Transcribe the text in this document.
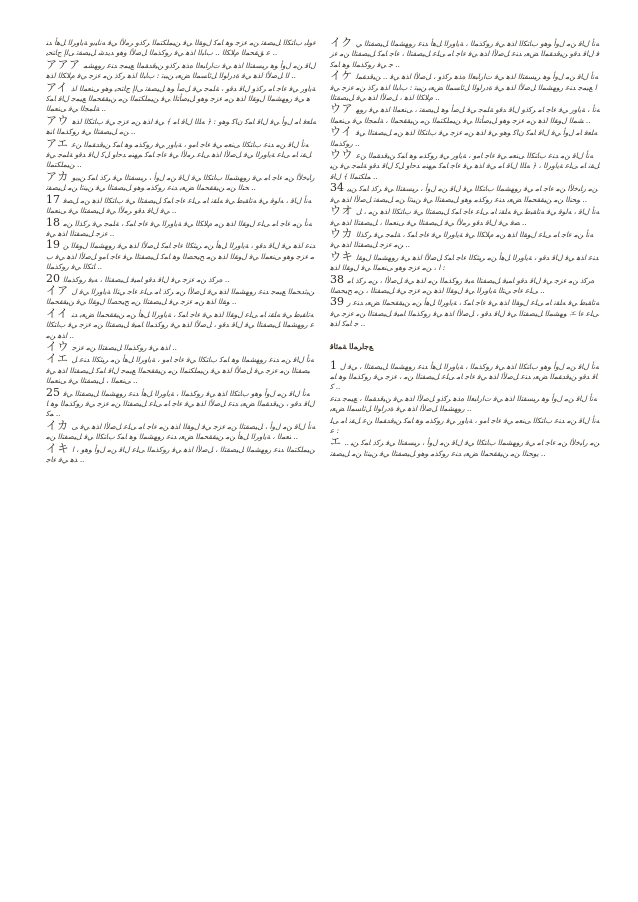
ﺀﻮﻠﺑ ﺏﺎﺘﻜﻟﺍ ﻞﻴﺼﻔﺗ ﻦﻣ ﺀﺰﺟ ﻮﻫ ﺎﻤﻛ ﻝﻮﻘﻟﺍ ﻲﻓ ﻦﻴﻤﻠﻜﺘﻤﻟﺍ ﺮﻛﺫﻭ ﺮﻣﻷﺍ ﻲﻓ ﻪﻧﺎﻴﺑﻭ ﺔﻳﺍﻭﺮﻟﺍ ﻞﻫﺃ ﺪﻨﻋ ﻖﻘﺤﻤﻟﺍ ﻡﻼﻜﻟﺍ .. ﺏﺎﺒﻟﺍ ﺍﺬﻫ ﻲﻓ ﺭﻮﻛﺬﻤﻟﺍ ﻞﺻﻷﺍ ﻭﻫﻭ ﺪﻳﺪﺷ ﻞﻴﺼﻔﺗ ﻰﻟﺇ ﺝﺎﺘﺤﻳ ..
アアア ﻝﺎﻗ ﻦﻣ ﻝﻭﺃ ﻮﻫ ﺮﻴﺴﻔﺘﻟﺍ ﺍﺬﻫ ﻲﻓ ﺕﺍﺭﺎﺒﻌﻟﺍ ﻩﺬﻫ ﺮﻛﺫﻭ ﻦﻴﻗﺪﻘﻤﻟﺍ ﻊﻴﻤﺟ ﺪﻨﻋ ﺭﻮﻬﺸﻤﻟﺍ ﻞﺻﻷﺍ ﺍﺬﻫ ﻲﻓ ﺓﺩﺭﺍﻮﻟﺍ ﻞﺋﺎﺴﻤﻟﺍ ﺾﻌﺑ ﻦﻴﺒﺗ : ﺏﺎﺒﻟﺍ ﺍﺬﻫ ﺮﻛﺫ ﻦﻣ ﺀﺰﺟ ﻲﻓ ﻡﻼﻜﻟﺍ ﺍﺬﻫ ..
アイ ﺔﻳﺍﻭﺭ ﻲﻓ ﺀﺎﺟ ﺎﻣ ﺮﻛﺫﻭ ﻝﺎﻗ ﺪﻗﻭ ، ﺔﻠﻤﺟ ﻲﻓ ﻞﺻﺃ ﻮﻫ ﻞﻴﺼﻔﺗ ﻰﻟﺇ ﺝﺎﺘﺤﻳ ﻮﻫﻭ ﻰﻨﻌﻤﻟﺍ ﺍﺬﻫ ﻲﻓ ﺭﻮﻬﺸﻤﻟﺍ ﻝﻮﻘﻟﺍ ﺍﺬﻫ ﻦﻣ ﺀﺰﺟ ﻮﻫﻭ ﻞﻴﺻﺄﺘﻟﺍ ﻲﻓ ﻦﻴﻤﻠﻜﺘﻤﻟﺍ ﻦﻣ ﻦﻴﻘﻘﺤﻤﻟﺍ ﻊﻴﻤﺟ ﻝﺎﻗ ﺎﻤﻛ ﺔﻠﻤﺠﻟﺍ ﻲﻓ ﻰﻨﻌﻤﻟﺍ ..
アウ ﻪﻠﻌﻓ ﺎﻣ ﻝﻭﺃ ﻲﻓ ﻝﺎﻗ ﺎﻤﻛ ﻥﺎﻛ ﻮﻫﻭ : ﴿ ﻪﻠﻟﺍ ﻝﺎﻗ ﺎﻣ ﴾ ﻲﻓ ﺍﺬﻫ ﻦﻣ ﺀﺰﺟ ﻲﻓ ﺏﺎﺘﻜﻟﺍ ﺍﺬﻫ ﻦﻣ ﻞﻴﺼﻔﺘﻟﺍ ﻲﻓ ﺭﻮﻛﺬﻤﻟﺍ ﺎﻨﻫ ..
アエ ﻪﻧﺃ ﻝﺎﻗ ﻦﻣ ﺪﻨﻋ ﺏﺎﺘﻜﻟﺍ ﻰﻨﻌﻣ ﻲﻓ ﺀﺎﺟ ﺎﻣﻭ ، ﺔﻳﺍﻭﺭ ﻲﻓ ﺭﻮﻛﺬﻣ ﻮﻫ ﺎﻤﻛ ﻦﻴﻗﺪﻘﻤﻟﺍ ﻦﻋ ﻞﻘﻧ ﺎﻣ ﻰﻠﻋ ﺔﻳﺍﻭﺮﻟﺍ ﻲﻓ ﻞﺻﻷﺍ ﺍﺬﻫ ﻰﻠﻋ ﺮﻣﻷﺍ ﻲﻓ ﺀﺎﺟ ﺎﻤﻛ ﻢﻬﻨﻣ ﺪﺣﺍﻭ ﻞﻛ ﻝﺎﻗ ﺪﻗﻭ ﺔﻠﻤﺟ ﻲﻓ ﻦﻴﻤﻠﻜﺘﻤﻟﺍ ..
アカ ﺭﺎﺒﺧﻷﺍ ﻦﻣ ﺀﺎﺟ ﺎﻣ ﻲﻓ ﺭﻮﻬﺸﻤﻟﺍ ﺏﺎﺘﻜﻟﺍ ﻲﻓ ﻝﺎﻗ ﻦﻣ ﻝﻭﺃ ، ﺮﻴﺴﻔﺘﻟﺍ ﻲﻓ ﺮﻛﺫ ﺎﻤﻛ ﻦﻴﻳﻮﺤﻨﻟﺍ ﻦﻣ ﻦﻴﻘﻘﺤﻤﻟﺍ ﺾﻌﺑ ﺪﻨﻋ ﺭﻮﻛﺬﻣ ﻮﻫﻭ ﻞﻴﺼﻔﺘﻟﺍ ﻲﻓ ﻦﻴﻨﺛﺍ ﻦﻣ ﻞﻴﺼﻔﺗ ..
17 ﻪﻧﺃ ﻝﺎﻗ ، ﻪﻟﻮﻗ ﻲﻓ ﻪﺗﺎﻘﺒﻃ ﻲﻓ ﻪﻠﻘﻧ ﺎﻣ ﻰﻠﻋ ﺀﺎﺟ ﺎﻤﻛ ﻞﻴﺼﻔﺘﻟﺍ ﻲﻓ ﺏﺎﺘﻜﻟﺍ ﺍﺬﻫ ﻦﻣ ﻞﺼﻓ ﻲﻓ ﻝﺎﻗ ﺪﻗﻭ ﺮﻣﻷﺍ ﻲﻓ ﻞﻴﺼﻔﺘﻟﺍ ﻲﻓ ﻰﻨﻌﻤﻟﺍ ..
18 ﻪﻧﺃ ﻦﻣ ﺀﺎﺟ ﺎﻣ ﻰﻠﻋ ﻝﻮﻘﻟﺍ ﺍﺬﻫ ﻦﻣ ﻡﻼﻜﻟﺍ ﻲﻓ ﺔﻳﺍﻭﺮﻟﺍ ﻲﻓ ﺀﺎﺟ ﺎﻤﻛ ، ﺔﻠﻤﺟ ﻲﻓ ﺮﻛﺬﻟﺍ ﻦﻣ ﺀﺰﺟ ﻞﻴﺼﻔﺘﻟﺍ ﺍﺬﻫ ﻲﻓ ..
19 ﺪﻨﻋ ﺍﺬﻫ ﻲﻓ ﻝﺎﻗ ﺪﻗﻭ ، ﺔﻳﺍﻭﺮﻟﺍ ﻞﻫﺃ ﻦﻣ ﺮﻴﺜﻜﻟﺍ ﺀﺎﺟ ﺎﻤﻛ ﻞﺻﻷﺍ ﺍﺬﻫ ﻲﻓ ﺭﻮﻬﺸﻤﻟﺍ ﻝﻮﻘﻟﺍ ﻦﻣ ﺀﺰﺟ ﻮﻫﻭ ﻰﻨﻌﻤﻟﺍ ﻲﻓ ﻝﻮﻘﻟﺍ ﺍﺬﻫ ﻦﻣ ﺢﻴﺤﺼﻟﺍ ﻮﻫ ﺎﻤﻛ ﻞﻴﺼﻔﺘﻟﺍ ﻲﻓ ﺀﺎﺟ ﺎﻣﻭ ﻞﺻﻷﺍ ﺍﺬﻫ ﻲﻓ ﺏﺎﺘﻜﻟﺍ ﻲﻓ ﺭﻮﻛﺬﻤﻟﺍ ..
20 ﻩﺮﻛﺫ ﻦﻣ ﺀﺰﺟ ﻲﻓ ﻝﺎﻗ ﺪﻗﻭ ﺎﻤﻴﻓ ﻞﻴﺼﻔﺘﻟﺍ ، ﻪﻴﻓ ﺭﻮﻛﺬﻤﻟﺍ ..
イア ﻦﻴﺛﺪﺤﻤﻟﺍ ﻊﻴﻤﺟ ﺪﻨﻋ ﺭﻮﻬﺸﻤﻟﺍ ﺍﺬﻫ ﻲﻓ ﻞﺻﻷﺍ ﻦﻣ ﺮﻛﺫ ﺎﻣ ﻰﻠﻋ ﺀﺎﺟ ﻲﺘﻟﺍ ﺔﻳﺍﻭﺮﻟﺍ ﻲﻓ ﻝﻮﻘﻟﺍ ﺍﺬﻫ ﻦﻣ ﺀﺰﺟ ﻲﻓ ﻞﻴﺼﻔﺘﻟﺍ ﻦﻣ ﺢﻴﺤﺼﻟﺍ ﻝﻮﻘﻟﺍ ﻲﻓ ﻦﻴﻘﻘﺤﻤﻟﺍ ..
イイ ﻪﺗﺎﻘﺒﻃ ﻲﻓ ﻪﻠﻘﻧ ﺎﻣ ﻰﻠﻋ ﻝﻮﻘﻟﺍ ﺍﺬﻫ ﻲﻓ ﺀﺎﺟ ﺎﻤﻛ ، ﺔﻳﺍﻭﺮﻟﺍ ﻞﻫﺃ ﻦﻣ ﻦﻴﻘﻘﺤﻤﻟﺍ ﺾﻌﺑ ﺪﻨﻋ ﺭﻮﻬﺸﻤﻟﺍ ﻞﻴﺼﻔﺘﻟﺍ ﻲﻓ ﻝﺎﻗ ﺪﻗﻭ ، ﻞﺻﻷﺍ ﺍﺬﻫ ﻲﻓ ﺭﻮﻛﺬﻤﻟﺍ ﺎﻤﻴﻓ ﻞﻴﺼﻔﺘﻟﺍ ﻦﻣ ﺀﺰﺟ ﻲﻓ ﺏﺎﺘﻜﻟﺍ ﺍﺬﻫ ﻦﻣ ..
イウ ﺍﺬﻫ ﻲﻓ ﺭﻮﻛﺬﻤﻟﺍ ﻞﻴﺼﻔﺘﻟﺍ ﻦﻣ ﺀﺰﺟ ..
イエ ﻪﻧﺃ ﻝﺎﻗ ﻦﻣ ﺪﻨﻋ ﺭﻮﻬﺸﻤﻟﺍ ﻮﻫ ﺎﻤﻛ ﺏﺎﺘﻜﻟﺍ ﻲﻓ ﺀﺎﺟ ﺎﻣﻭ ، ﺔﻳﺍﻭﺮﻟﺍ ﻞﻫﺃ ﻦﻣ ﺮﻴﺜﻜﻟﺍ ﺪﻨﻋ ﻞﻴﺼﻔﺘﻟﺍ ﻦﻣ ﺀﺰﺟ ﻲﻓ ﻞﺻﻷﺍ ﺍﺬﻫ ﻲﻓ ﻦﻴﻤﻠﻜﺘﻤﻟﺍ ﻦﻣ ﻦﻴﻘﻘﺤﻤﻟﺍ ﻊﻴﻤﺟ ﻝﺎﻗ ﺎﻤﻛ ﻞﻴﺼﻔﺘﻟﺍ ﺍﺬﻫ ﻲﻓ ﻰﻨﻌﻤﻟﺍ ، ﻞﻴﺼﻔﺘﻟﺍ ﻲﻓ ﻰﻨﻌﻤﻟﺍ ..
25 ﻪﻧﺃ ﻝﺎﻗ ﻦﻣ ﻝﻭﺃ ﻮﻫﻭ ﺏﺎﺘﻜﻟﺍ ﺍﺬﻫ ﻲﻓ ﺭﻮﻛﺬﻤﻟﺍ ، ﺔﻳﺍﻭﺮﻟﺍ ﻞﻫﺃ ﺪﻨﻋ ﺭﻮﻬﺸﻤﻟﺍ ﻞﻴﺼﻔﺘﻟﺍ ﻲﻓ ﻝﺎﻗ ﺪﻗﻭ ، ﻦﻴﻗﺪﻘﻤﻟﺍ ﺾﻌﺑ ﺪﻨﻋ ﻞﺻﻷﺍ ﺍﺬﻫ ﻲﻓ ﺀﺎﺟ ﺎﻣ ﻰﻠﻋ ﻞﻴﺼﻔﺘﻟﺍ ﻦﻣ ﺀﺰﺟ ﻲﻓ ﺭﻮﻛﺬﻤﻟﺍ ﻮﻫ ﺎﻤﻛ ..
イカ ﻪﻧﺃ ﻝﺎﻗ ﻦﻣ ﻝﻭﺃ ، ﻞﻴﺼﻔﺘﻟﺍ ﻦﻣ ﺀﺰﺟ ﻲﻓ ﻝﻮﻘﻟﺍ ﺍﺬﻫ ﻦﻣ ﺀﺎﺟ ﺎﻣ ﻰﻠﻋ ﻞﺻﻷﺍ ﺍﺬﻫ ﻲﻓ ﻰﻨﻌﻤﻟﺍ ، ﺔﻳﺍﻭﺮﻟﺍ ﻞﻫﺃ ﻦﻣ ﻦﻴﻘﻘﺤﻤﻟﺍ ﺾﻌﺑ ﺪﻨﻋ ﺭﻮﻬﺸﻤﻟﺍ ﻮﻫ ﺎﻤﻛ ﺏﺎﺘﻜﻟﺍ ﻲﻓ ﻞﻴﺼﻔﺘﻟﺍ ﻦﻣ ..
イキ ﻦﻴﻤﻠﻜﺘﻤﻟﺍ ﺪﻨﻋ ﺭﻮﻬﺸﻤﻟﺍ ﻞﻴﺼﻔﺘﻟﺍ ، ﻞﺻﻷﺍ ﺍﺬﻫ ﻲﻓ ﺭﻮﻛﺬﻤﻟﺍ ﻰﻠﻋ ﻝﺎﻗ ﻦﻣ ﻝﻭﺃ ﻮﻫﻭ ، ﺍﺬﻫ ﻲﻓ ﺀﺎﺟ ..
イク ﻪﻧﺃ ﻝﺎﻗ ﻦﻣ ﻝﻭﺃ ﻮﻫﻭ ﺏﺎﺘﻜﻟﺍ ﺍﺬﻫ ﻲﻓ ﺭﻮﻛﺬﻤﻟﺍ ، ﺔﻳﺍﻭﺮﻟﺍ ﻞﻫﺃ ﺪﻨﻋ ﺭﻮﻬﺸﻤﻟﺍ ﻞﻴﺼﻔﺘﻟﺍ ﻲﻓ ﻝﺎﻗ ﺪﻗﻭ ﻦﻴﻗﺪﻘﻤﻟﺍ ﺾﻌﺑ ﺪﻨﻋ ﻞﺻﻷﺍ ﺍﺬﻫ ﻲﻓ ﺀﺎﺟ ﺎﻣ ﻰﻠﻋ ﻞﻴﺼﻔﺘﻟﺍ ، ﺀﺎﺟ ﺎﻤﻛ ﻞﻴﺼﻔﺘﻟﺍ ﻦﻣ ﺀﺰﺟ ﻲﻓ ﺭﻮﻛﺬﻤﻟﺍ ﻮﻫ ﺎﻤﻛ ..
イケ ﻪﻧﺃ ﻝﺎﻗ ﻦﻣ ﻝﻭﺃ ﻮﻫ ﺮﻴﺴﻔﺘﻟﺍ ﺍﺬﻫ ﻲﻓ ﺕﺍﺭﺎﺒﻌﻟﺍ ﻩﺬﻫ ﺮﻛﺫﻭ ، ﻞﺻﻷﺍ ﺍﺬﻫ ﻲﻓ .. ﻦﻴﻗﺪﻘﻤﻟﺍ ﻊﻴﻤﺟ ﺪﻨﻋ ﺭﻮﻬﺸﻤﻟﺍ ﻞﺻﻷﺍ ﺍﺬﻫ ﻲﻓ ﺓﺩﺭﺍﻮﻟﺍ ﻞﺋﺎﺴﻤﻟﺍ ﺾﻌﺑ ﻦﻴﺒﺗ : ﺏﺎﺒﻟﺍ ﺍﺬﻫ ﺮﻛﺫ ﻦﻣ ﺀﺰﺟ ﻲﻓ ﻡﻼﻜﻟﺍ ﺍﺬﻫ ، ﻞﺻﻷﺍ ﺍﺬﻫ ﻲﻓ ﻞﻴﺼﻔﺘﻟﺍ ..
ウア ﻪﻧﺃ ، ﺔﻳﺍﻭﺭ ﻲﻓ ﺀﺎﺟ ﺎﻣ ﺮﻛﺫﻭ ﻝﺎﻗ ﺪﻗﻭ ﺔﻠﻤﺟ ﻲﻓ ﻞﺻﺃ ﻮﻫ ﻞﻴﺼﻔﺗ ، ﻰﻨﻌﻤﻟﺍ ﺍﺬﻫ ﻲﻓ ﺭﻮﻬﺸﻤﻟﺍ ﻝﻮﻘﻟﺍ ﺍﺬﻫ ﻦﻣ ﺀﺰﺟ ﻮﻫﻭ ﻞﻴﺻﺄﺘﻟﺍ ﻲﻓ ﻦﻴﻤﻠﻜﺘﻤﻟﺍ ﻦﻣ ﻦﻴﻘﻘﺤﻤﻟﺍ ، ﺔﻠﻤﺠﻟﺍ ﻲﻓ ﻰﻨﻌﻤﻟﺍ ..
ウイ ﻪﻠﻌﻓ ﺎﻣ ﻝﻭﺃ ﻲﻓ ﻝﺎﻗ ﺎﻤﻛ ﻥﺎﻛ ﻮﻫﻭ ﻲﻓ ﺍﺬﻫ ﻦﻣ ﺀﺰﺟ ﻲﻓ ﺏﺎﺘﻜﻟﺍ ﺍﺬﻫ ﻦﻣ ﻞﻴﺼﻔﺘﻟﺍ ﻲﻓ ﺭﻮﻛﺬﻤﻟﺍ ..
ウウ ﻪﻧﺃ ﻝﺎﻗ ﻦﻣ ﺪﻨﻋ ﺏﺎﺘﻜﻟﺍ ﻰﻨﻌﻣ ﻲﻓ ﺀﺎﺟ ﺎﻣﻭ ، ﺔﻳﺍﻭﺭ ﻲﻓ ﺭﻮﻛﺬﻣ ﻮﻫ ﺎﻤﻛ ﻦﻴﻗﺪﻘﻤﻟﺍ ﻦﻋ ﻞﻘﻧ ﺎﻣ ﻰﻠﻋ ﺔﻳﺍﻭﺮﻟﺍ ، ﴿ ﻪﻠﻟﺍ ﻝﺎﻗ ﺎﻣ ﻲﻓ ﺍﺬﻫ ﻲﻓ ﺀﺎﺟ ﺎﻤﻛ ﻢﻬﻨﻣ ﺪﺣﺍﻭ ﻞﻛ ﻝﺎﻗ ﺪﻗﻭ ﺔﻠﻤﺟ ﻲﻓ ﻦﻴﻤﻠﻜﺘﻤﻟﺍ ﴾ ﻝﺎﻗ ..
34 ﻦﻣ ﺭﺎﺒﺧﻷﺍ ﻦﻣ ﺀﺎﺟ ﺎﻣ ﻲﻓ ﺭﻮﻬﺸﻤﻟﺍ ﺏﺎﺘﻜﻟﺍ ﻲﻓ ﻝﺎﻗ ﻦﻣ ﻝﻭﺃ ، ﺮﻴﺴﻔﺘﻟﺍ ﻲﻓ ﺮﻛﺫ ﺎﻤﻛ ﻦﻴﻳﻮﺤﻨﻟﺍ ﻦﻣ ﻦﻴﻘﻘﺤﻤﻟﺍ ﺾﻌﺑ ﺪﻨﻋ ﺭﻮﻛﺬﻣ ﻮﻫﻭ ﻞﻴﺼﻔﺘﻟﺍ ﻲﻓ ﻦﻴﻨﺛﺍ ﻦﻣ ﻞﻴﺼﻔﺗ ﻞﺻﻷﺍ ﺍﺬﻫ ﻲﻓ ..
ウオ ﻪﻧﺃ ﻝﺎﻗ ، ﻪﻟﻮﻗ ﻲﻓ ﻪﺗﺎﻘﺒﻃ ﻲﻓ ﻪﻠﻘﻧ ﺎﻣ ﻰﻠﻋ ﺀﺎﺟ ﺎﻤﻛ ﻞﻴﺼﻔﺘﻟﺍ ﻲﻓ ﺏﺎﺘﻜﻟﺍ ﺍﺬﻫ ﻦﻣ ، ﻞﺼﻓ ﻲﻓ ﻝﺎﻗ ﺪﻗﻭ ﺮﻣﻷﺍ ﻲﻓ ﻞﻴﺼﻔﺘﻟﺍ ﻲﻓ ﻰﻨﻌﻤﻟﺍ ، ﻞﻴﺼﻔﺘﻟﺍ ﺍﺬﻫ ﻲﻓ ..
ウカ ﻪﻧﺃ ﻦﻣ ﺀﺎﺟ ﺎﻣ ﻰﻠﻋ ﻝﻮﻘﻟﺍ ﺍﺬﻫ ﻦﻣ ﻡﻼﻜﻟﺍ ﻲﻓ ﺔﻳﺍﻭﺮﻟﺍ ﻲﻓ ﺀﺎﺟ ﺎﻤﻛ ، ﺔﻠﻤﺟ ﻲﻓ ﺮﻛﺬﻟﺍ ﻦﻣ ﺀﺰﺟ ﻞﻴﺼﻔﺘﻟﺍ ﺍﺬﻫ ﻲﻓ ..
ウキ ﺪﻨﻋ ﺍﺬﻫ ﻲﻓ ﻝﺎﻗ ﺪﻗﻭ ، ﺔﻳﺍﻭﺮﻟﺍ ﻞﻫﺃ ﻦﻣ ﺮﻴﺜﻜﻟﺍ ﺀﺎﺟ ﺎﻤﻛ ﻞﺻﻷﺍ ﺍﺬﻫ ﻲﻓ ﺭﻮﻬﺸﻤﻟﺍ ﻝﻮﻘﻟﺍ ، ﻦﻣ ﺀﺰﺟ ﻮﻫﻭ ﻰﻨﻌﻤﻟﺍ ﻲﻓ ﻝﻮﻘﻟﺍ ﺍﺬﻫ :
38 ﻩﺮﻛﺫ ﻦﻣ ﺀﺰﺟ ﻲﻓ ﻝﺎﻗ ﺪﻗﻭ ﺎﻤﻴﻓ ﻞﻴﺼﻔﺘﻟﺍ ﻪﻴﻓ ﺭﻮﻛﺬﻤﻟﺍ ﻦﻣ ﺍﺬﻫ ﻲﻓ ﻞﺻﻷﺍ ، ﻦﻣ ﺮﻛﺫ ﺎﻣ ﻰﻠﻋ ﺀﺎﺟ ﻲﺘﻟﺍ ﺔﻳﺍﻭﺮﻟﺍ ﻲﻓ ﻝﻮﻘﻟﺍ ﺍﺬﻫ ﻦﻣ ﺀﺰﺟ ﻲﻓ ﻞﻴﺼﻔﺘﻟﺍ ، ﻦﻣ ﺢﻴﺤﺼﻟﺍ ..
39 ﻪﺗﺎﻘﺒﻃ ﻲﻓ ﻪﻠﻘﻧ ﺎﻣ ﻰﻠﻋ ﻝﻮﻘﻟﺍ ﺍﺬﻫ ﻲﻓ ﺀﺎﺟ ﺎﻤﻛ ، ﺔﻳﺍﻭﺮﻟﺍ ﻞﻫﺃ ﻦﻣ ﻦﻴﻘﻘﺤﻤﻟﺍ ﺾﻌﺑ ﺪﻨﻋ ﺭﻮﻬﺸﻤﻟﺍ ﻞﻴﺼﻔﺘﻟﺍ ﻲﻓ ﻝﺎﻗ ﺪﻗﻭ ، ﻞﺻﻷﺍ ﺍﺬﻫ ﻲﻓ ﺭﻮﻛﺬﻤﻟﺍ ﺎﻤﻴﻓ ﻞﻴﺼﻔﺘﻟﺍ ﻦﻣ ﺀﺰﺟ ﻲﻓ エ ﻰﻠﻋ ﺀﺎﺟ ﺎﻤﻛ ﺍﺬﻫ ..
ﻊﺟﺍﺮﻤﻟﺍ ﺔﻤﺋﺎﻗ
1 ﻪﻧﺃ ﻝﺎﻗ ﻦﻣ ﻝﻭﺃ ﻮﻫﻭ ﺏﺎﺘﻜﻟﺍ ﺍﺬﻫ ﻲﻓ ﺭﻮﻛﺬﻤﻟﺍ ، ﺔﻳﺍﻭﺮﻟﺍ ﻞﻫﺃ ﺪﻨﻋ ﺭﻮﻬﺸﻤﻟﺍ ﻞﻴﺼﻔﺘﻟﺍ ، ﻲﻓ ﻝﺎﻗ ﺪﻗﻭ ﻦﻴﻗﺪﻘﻤﻟﺍ ﺾﻌﺑ ﺪﻨﻋ ﻞﺻﻷﺍ ﺍﺬﻫ ﻲﻓ ﺀﺎﺟ ﺎﻣ ﻰﻠﻋ ﻞﻴﺼﻔﺘﻟﺍ ﻦﻣ ، ﺀﺰﺟ ﻲﻓ ﺭﻮﻛﺬﻤﻟﺍ ﻮﻫ ﺎﻤﻛ ..
ﻪﻧﺃ ﻝﺎﻗ ﻦﻣ ﻝﻭﺃ ﻮﻫ ﺮﻴﺴﻔﺘﻟﺍ ﺍﺬﻫ ﻲﻓ ﺕﺍﺭﺎﺒﻌﻟﺍ ﻩﺬﻫ ﺮﻛﺫﻭ ﻞﺻﻷﺍ ﺍﺬﻫ ﻲﻓ ﻦﻴﻗﺪﻘﻤﻟﺍ ، ﻊﻴﻤﺟ ﺪﻨﻋ ﺭﻮﻬﺸﻤﻟﺍ ﻞﺻﻷﺍ ﺍﺬﻫ ﻲﻓ ﺓﺩﺭﺍﻮﻟﺍ ﻞﺋﺎﺴﻤﻟﺍ ﺾﻌﺑ ..
ﻪﻧﺃ ﻝﺎﻗ ﻦﻣ ﺪﻨﻋ ﺏﺎﺘﻜﻟﺍ ﻰﻨﻌﻣ ﻲﻓ ﺀﺎﺟ ﺎﻣﻭ ، ﺔﻳﺍﻭﺭ ﻲﻓ ﺭﻮﻛﺬﻣ ﻮﻫ ﺎﻤﻛ ﻦﻴﻗﺪﻘﻤﻟﺍ ﻦﻋ ﻞﻘﻧ ﺎﻣ ﻰﻠﻋ :
エ .. ﻦﻣ ﺭﺎﺒﺧﻷﺍ ﻦﻣ ﺀﺎﺟ ﺎﻣ ﻲﻓ ﺭﻮﻬﺸﻤﻟﺍ ﺏﺎﺘﻜﻟﺍ ﻲﻓ ﻝﺎﻗ ﻦﻣ ﻝﻭﺃ ، ﺮﻴﺴﻔﺘﻟﺍ ﻲﻓ ﺮﻛﺫ ﺎﻤﻛ ﻦﻴﻳﻮﺤﻨﻟﺍ ﻦﻣ ﻦﻴﻘﻘﺤﻤﻟﺍ ﺾﻌﺑ ﺪﻨﻋ ﺭﻮﻛﺬﻣ ﻮﻫﻭ ﻞﻴﺼﻔﺘﻟﺍ ﻲﻓ ﻦﻴﻨﺛﺍ ﻦﻣ ﻞﻴﺼﻔﺗ ..
